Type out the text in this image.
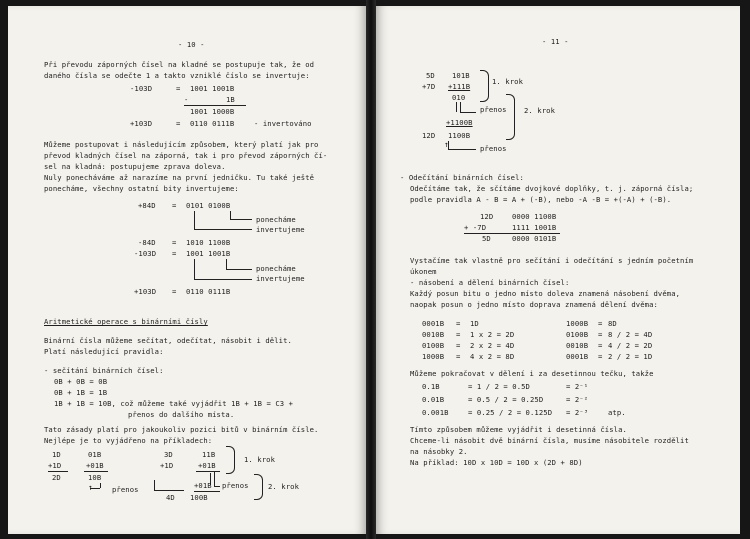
- 10 -
Při převodu záporných čísel na kladné se postupuje tak, že od
daného čísla se odečte 1 a takto vzniklé číslo se invertuje:
-103D	= 1001 1001B
-	1B
1001 1000B
+103D	= 0110 0111B	- invertováno
Můžeme postupovat i následujícím způsobem, který platí jak pro
převod kladných čísel na záporná, tak i pro převod záporných čí-
sel na kladná: postupujeme zprava doleva.
Nuly ponecháváme až narazíme na první jedničku. Tu také ještě
ponecháme, všechny ostatní bity invertujeme:
+84D = 0101 0100B
ponecháme
invertujeme
-84D = 1010 1100B
-103D = 1001 1001B
ponecháme
invertujeme
+103D = 0110 0111B
Aritmetické operace s binárními čísly
Binární čísla můžeme sečítat, odečítat, násobit i dělit.
Platí následující pravidla:
- sečítání binárních čísel:
0B + 0B = 0B
0B + 1B = 1B
1B + 1B = 10B, což můžeme také vyjádřit 1B + 1B = C3 +
přenos do dalšího místa.
Tato zásady platí pro jakoukoliv pozici bitů v binárním čísle.
Nejlépe je to vyjádřeno na příkladech:
1D	01B
+1D	+01B
2D	10B
↑	přenos
3D	11B
+1D	+01B
1. krok
přenos
+01B
4D 100B
2. krok
- 11 -
5D 101B
+7D +111B
010
1. krok
přenos 2. krok
+1100B
12D 1100B
↑	přenos
- Odečítání binárních čísel:
Odečítáme tak, že sčítáme dvojkové doplňky, t. j. záporná čísla;
podle pravidla A - B = A + (-B), nebo -A -B = +(-A) + (-B).
12D	0000 1100B
+ -7D	1111 1001B
5D	0000 0101B
Vystačíme tak vlastně pro sečítání i odečítání s jedním početním
úkonem
- násobení a dělení binárních čísel:
Každý posun bitu o jedno místo doleva znamená násobení dvěma,
naopak posun o jedno místo doprava znamená dělení dvěma:
0001B = 1D	1000B = 8D
0010B = 1 x 2 = 2D	0100B = 8 / 2 = 4D
0100B = 2 x 2 = 4D	0010B = 4 / 2 = 2D
1000B = 4 x 2 = 8D	0001B = 2 / 2 = 1D
Můžeme pokračovat v dělení i za desetinnou tečku, takže
0.1B	= 1 / 2 = 0.5D	= 2⁻¹
0.01B	= 0.5 / 2 = 0.25D	= 2⁻²
0.001B	= 0.25 / 2 = 0.125D = 2⁻³	atp.
Tímto způsobem můžeme vyjádřit i desetinná čísla.
Chceme-li násobit dvě binární čísla, musíme násobitele rozdělit
na násobky 2.
Na příklad: 10D x 10D = 10D x (2D + 8D)
